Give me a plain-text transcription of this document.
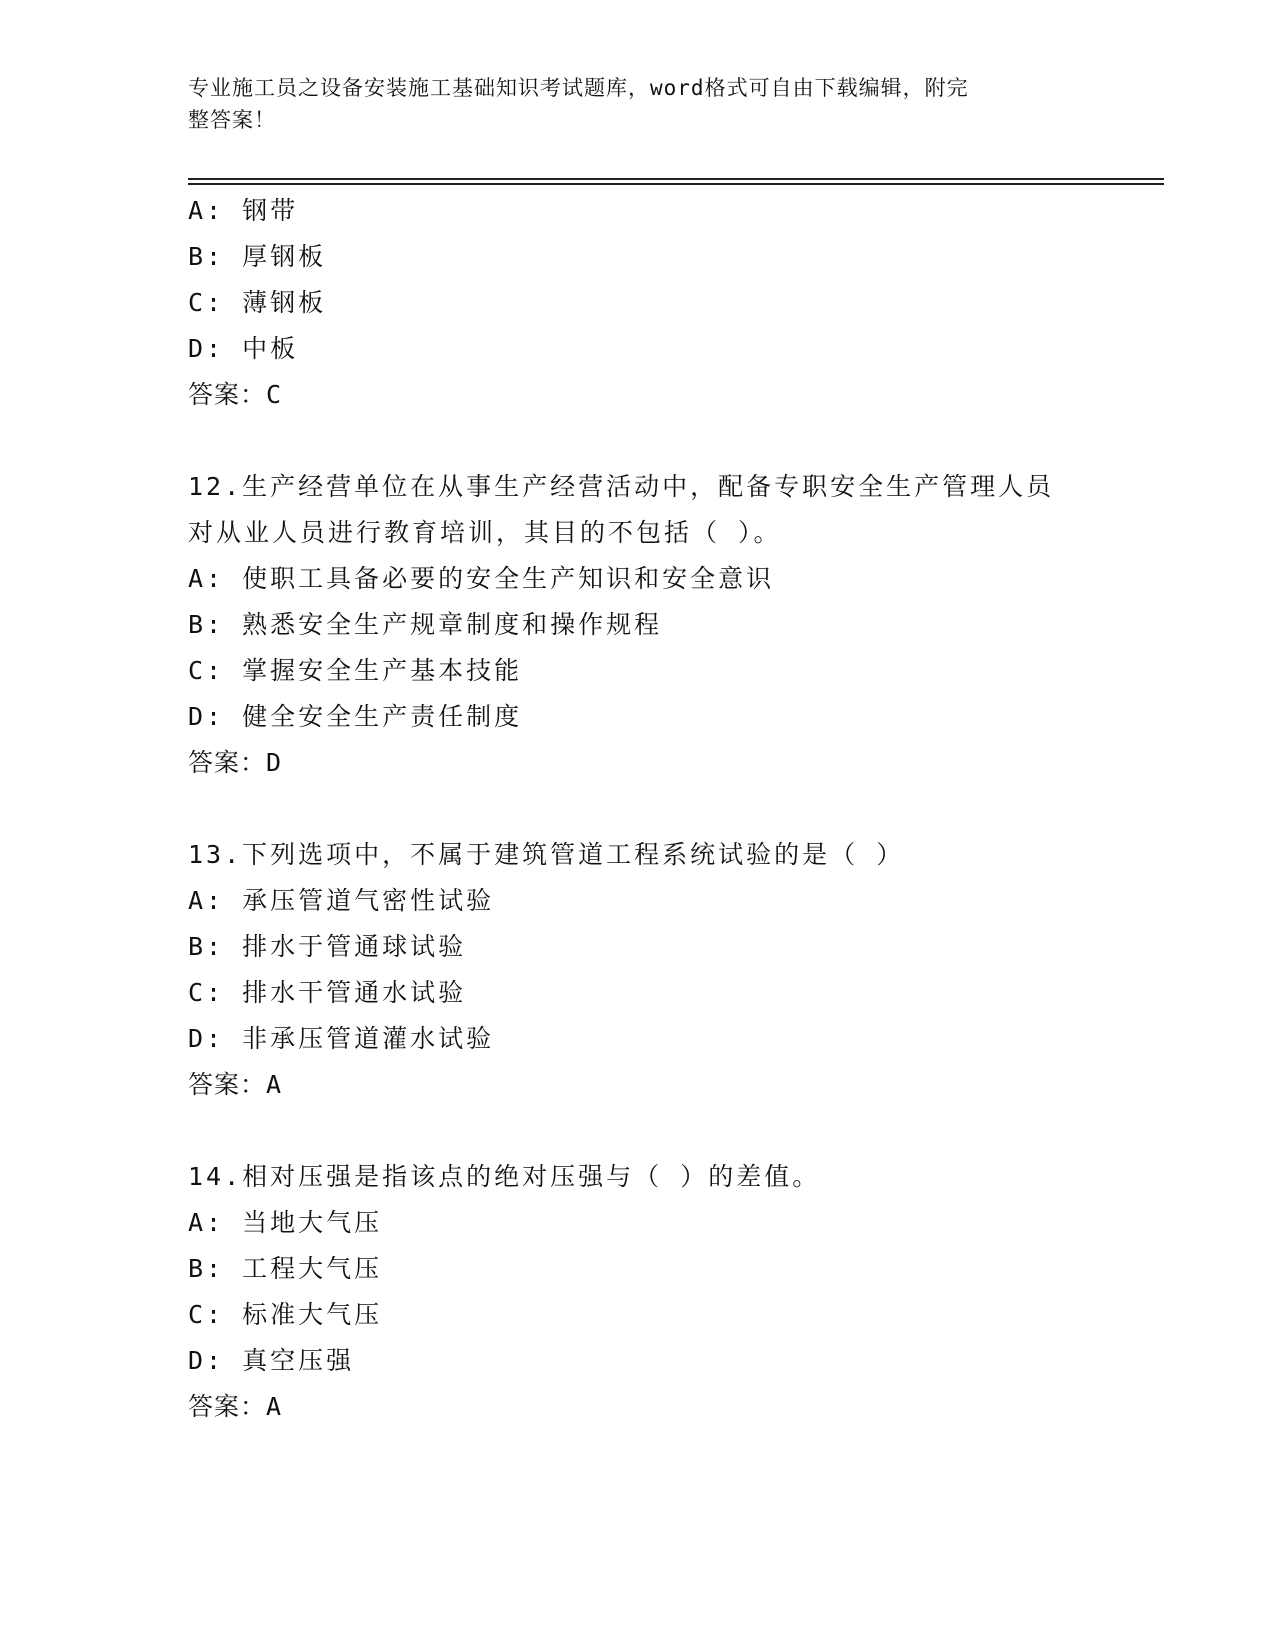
专业施工员之设备安装施工基础知识考试题库，word格式可自由下载编辑，附完
整答案！
A: 钢带
B: 厚钢板
C: 薄钢板
D: 中板
答案：C
12.生产经营单位在从事生产经营活动中，配备专职安全生产管理人员
对从业人员进行教育培训，其目的不包括（ ）。
A: 使职工具备必要的安全生产知识和安全意识
B: 熟悉安全生产规章制度和操作规程
C: 掌握安全生产基本技能
D: 健全安全生产责任制度
答案：D
13.下列选项中，不属于建筑管道工程系统试验的是（ ）
A: 承压管道气密性试验
B: 排水于管通球试验
C: 排水干管通水试验
D: 非承压管道灌水试验
答案：A
14.相对压强是指该点的绝对压强与（ ）的差值。
A: 当地大气压
B: 工程大气压
C: 标准大气压
D: 真空压强
答案：A
